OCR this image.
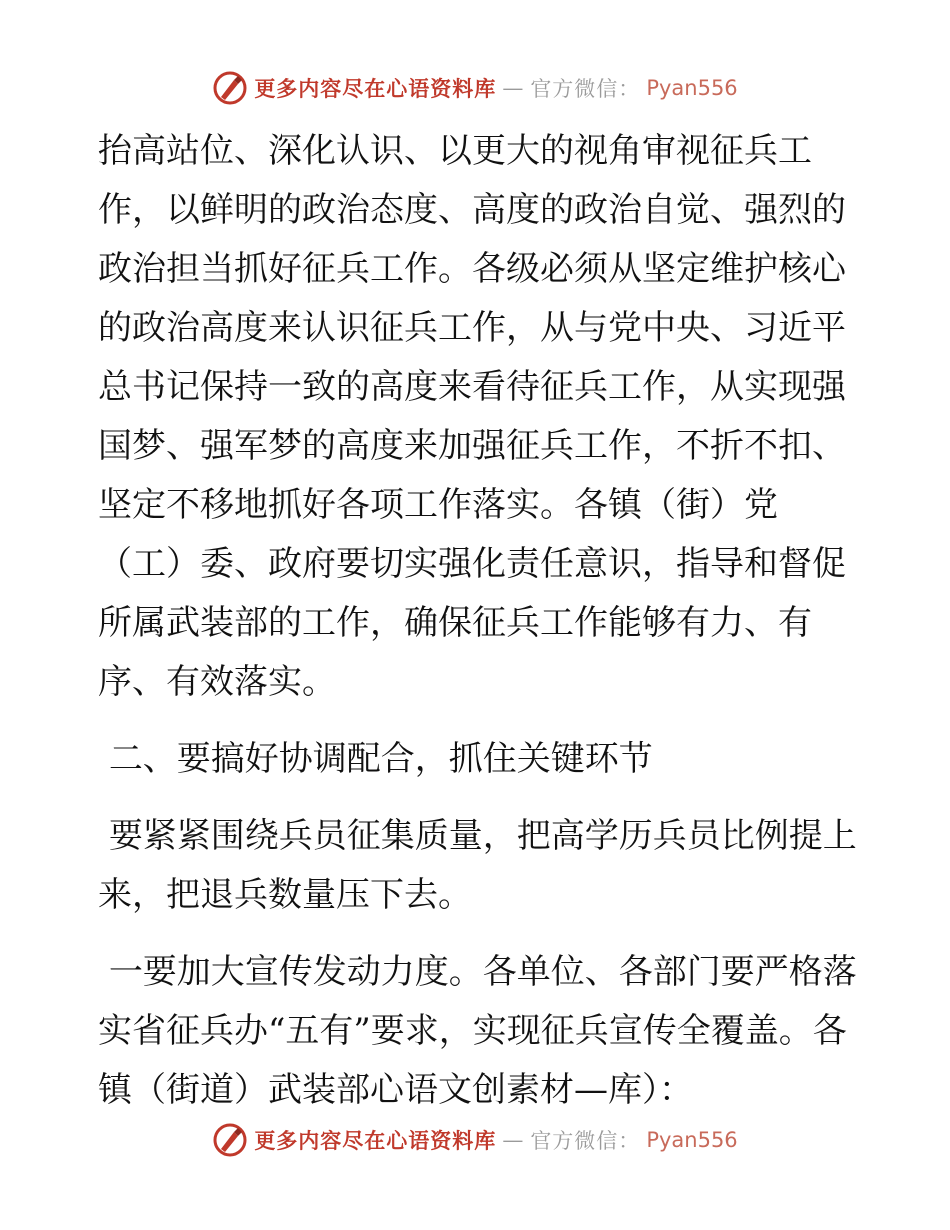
更多内容尽在心语资料库 — 官方微信： Pyan556

抬高站位、深化认识、以更大的视角审视征兵工作，以鲜明的政治态度、高度的政治自觉、强烈的政治担当抓好征兵工作。各级必须从坚定维护核心的政治高度来认识征兵工作，从与党中央、习近平总书记保持一致的高度来看待征兵工作，从实现强国梦、强军梦的高度来加强征兵工作，不折不扣、坚定不移地抓好各项工作落实。各镇（街）党（工）委、政府要切实强化责任意识，指导和督促所属武装部的工作，确保征兵工作能够有力、有序、有效落实。

二、要搞好协调配合，抓住关键环节

要紧紧围绕兵员征集质量，把高学历兵员比例提上来，把退兵数量压下去。

一要加大宣传发动力度。各单位、各部门要严格落实省征兵办“五有”要求，实现征兵宣传全覆盖。各镇（街道）武装部心语文创素材—库）：

更多内容尽在心语资料库 — 官方微信： Pyan556
